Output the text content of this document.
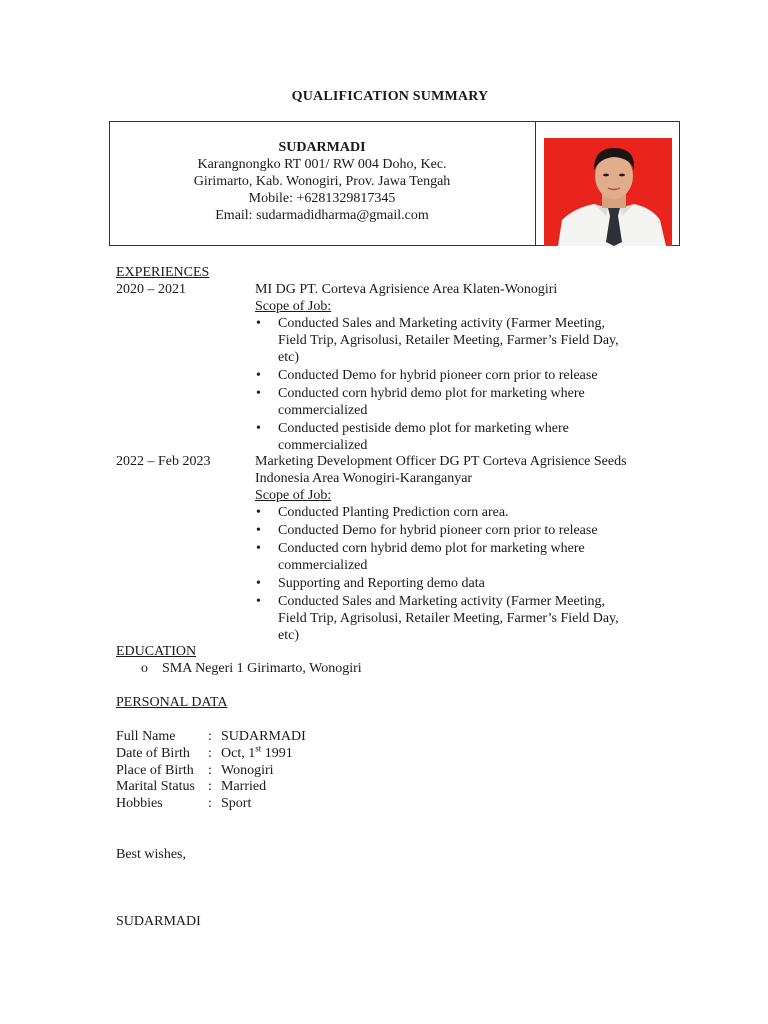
QUALIFICATION SUMMARY
SUDARMADI
Karangnongko RT 001/ RW 004 Doho, Kec.
Girimarto, Kab. Wonogiri, Prov. Jawa Tengah
Mobile: +6281329817345
Email: sudarmadidharma@gmail.com
EXPERIENCES
2020 – 2021	MI DG PT. Corteva Agrisience Area Klaten-Wonogiri
Scope of Job:
• Conducted Sales and Marketing activity (Farmer Meeting,
Field Trip, Agrisolusi, Retailer Meeting, Farmer’s Field Day,
etc)
• Conducted Demo for hybrid pioneer corn prior to release
• Conducted corn hybrid demo plot for marketing where
commercialized
• Conducted pestiside demo plot for marketing where
commercialized
2022 – Feb 2023	Marketing Development Officer DG PT Corteva Agrisience Seeds
Indonesia Area Wonogiri-Karanganyar
Scope of Job:
• Conducted Planting Prediction corn area.
• Conducted Demo for hybrid pioneer corn prior to release
• Conducted corn hybrid demo plot for marketing where
commercialized
• Supporting and Reporting demo data
• Conducted Sales and Marketing activity (Farmer Meeting,
Field Trip, Agrisolusi, Retailer Meeting, Farmer’s Field Day,
etc)
EDUCATION
o SMA Negeri 1 Girimarto, Wonogiri
PERSONAL DATA
Full Name	: SUDARMADI
Date of Birth	: Oct, 1st 1991
Place of Birth	: Wonogiri
Marital Status : Married
Hobbies	: Sport
Best wishes,
SUDARMADI
